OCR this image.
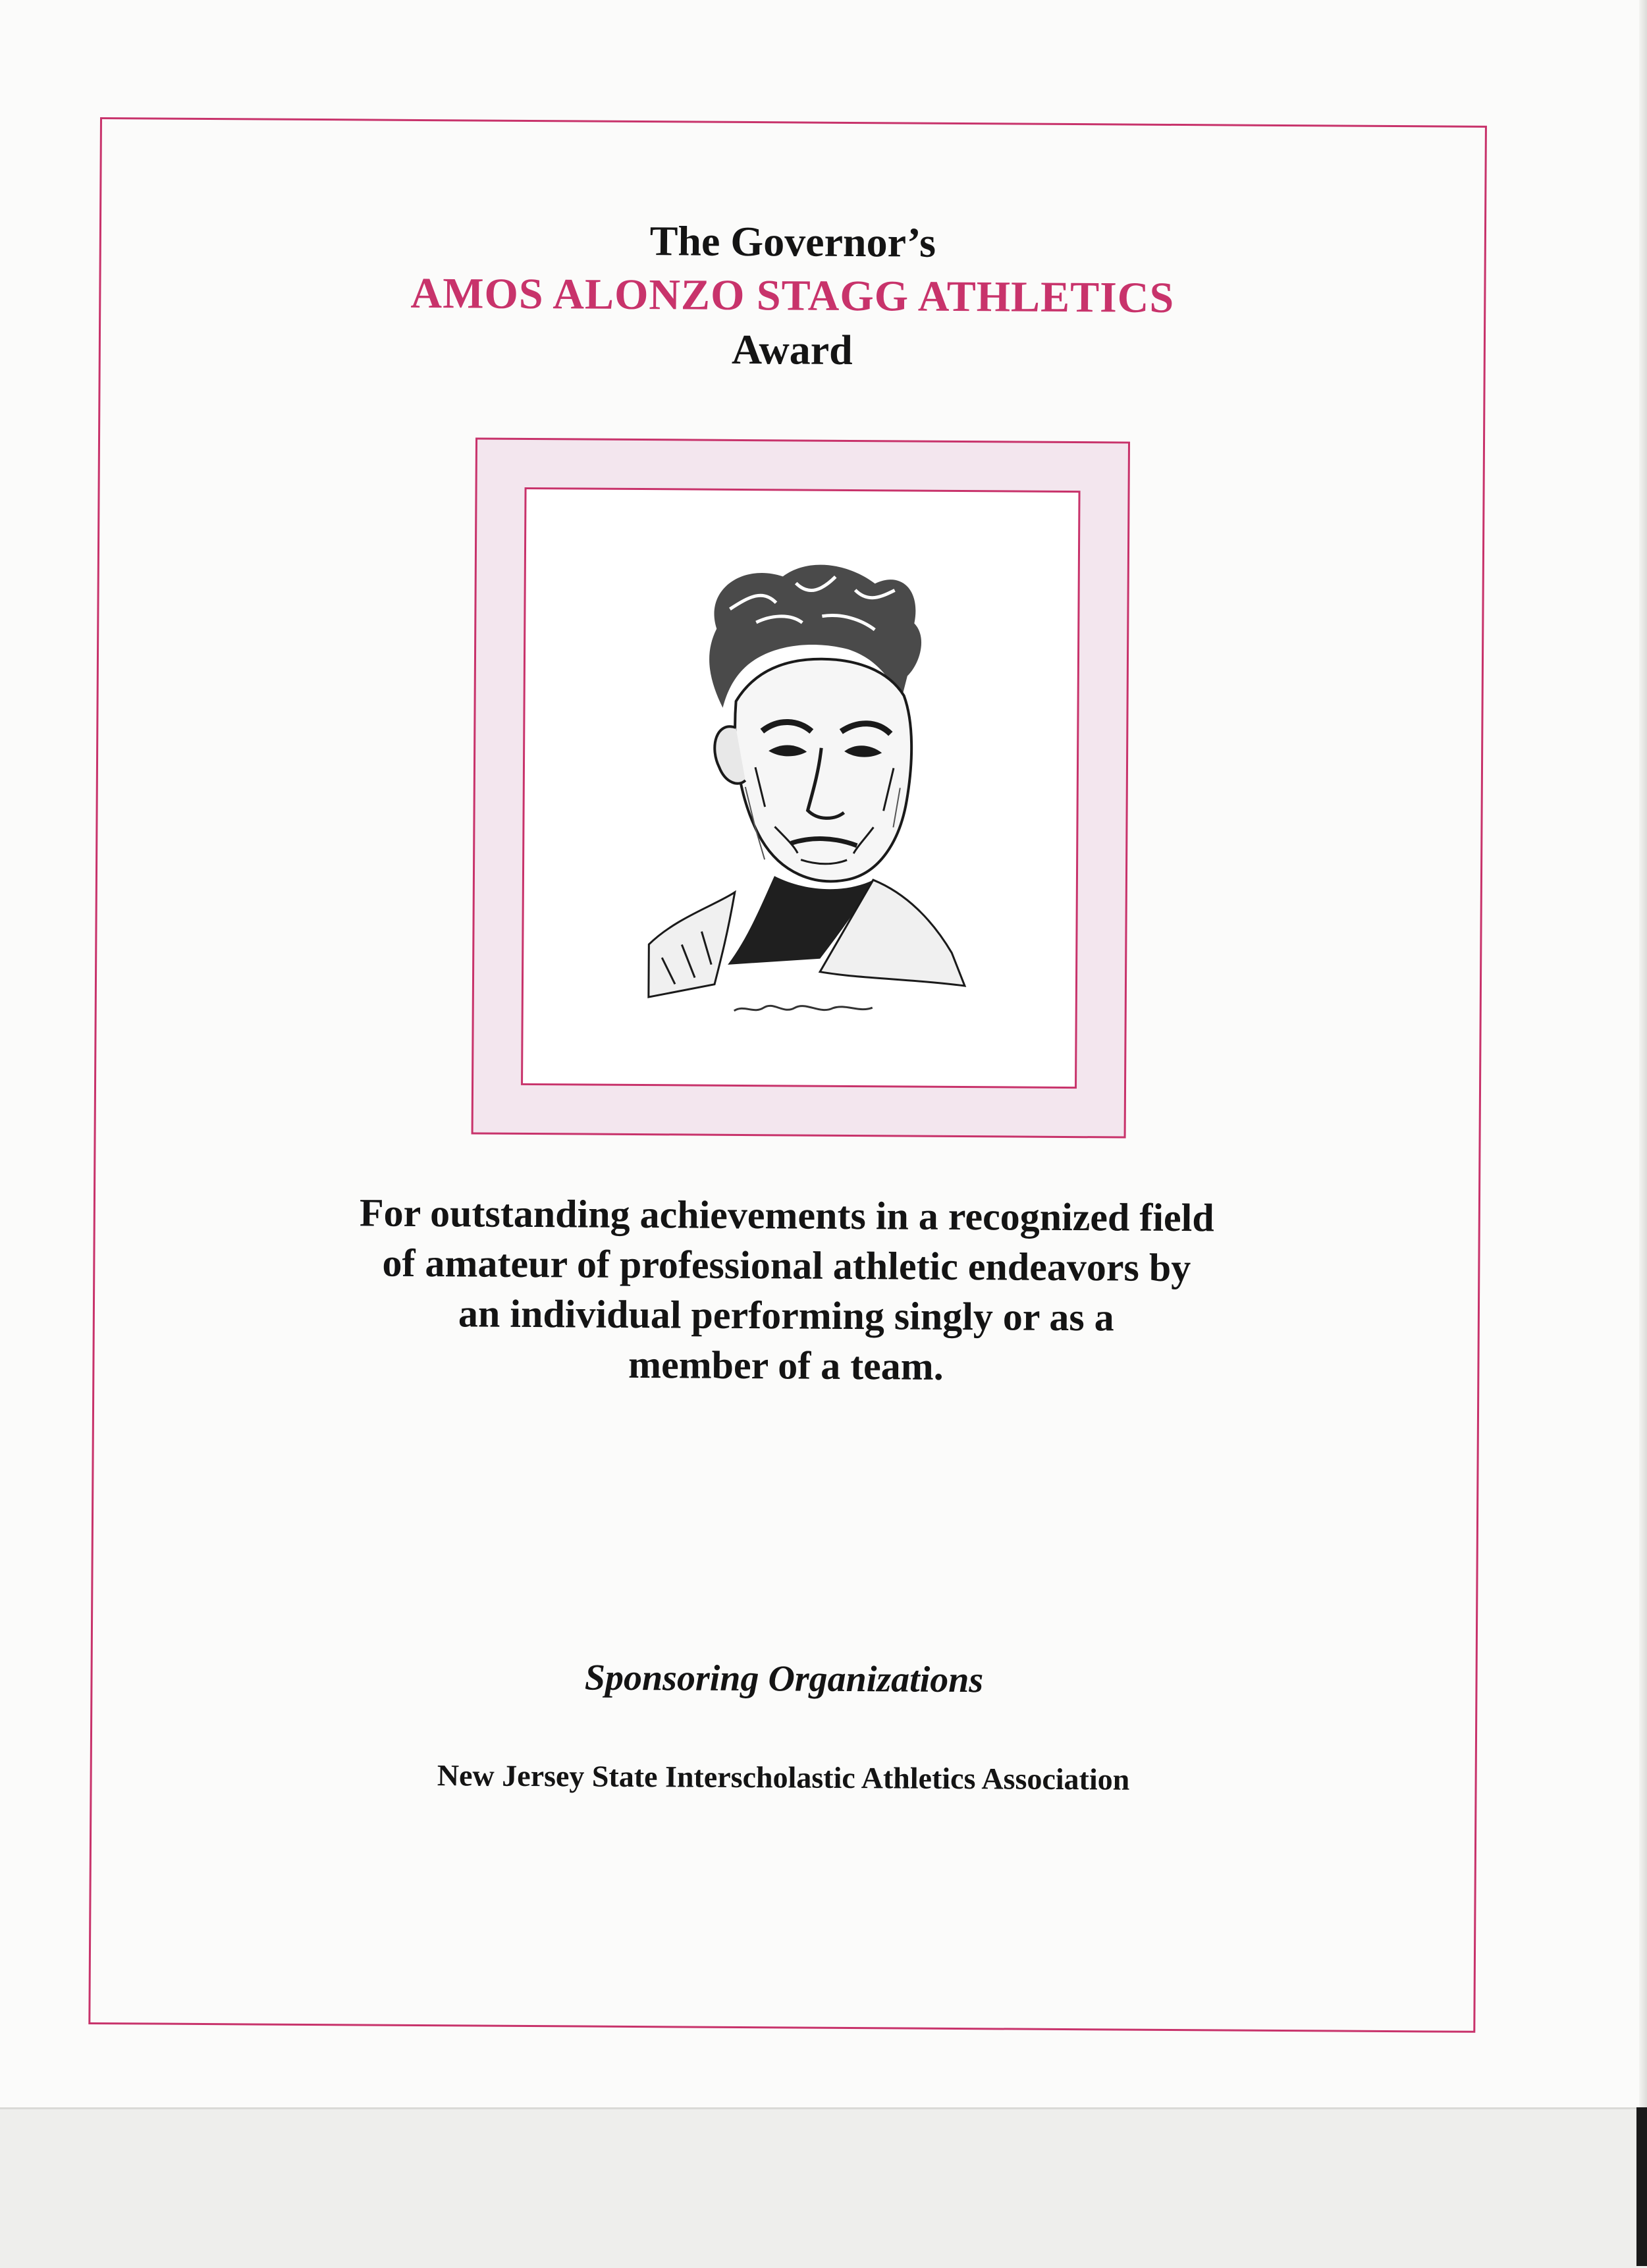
The Governor’s
AMOS ALONZO STAGG ATHLETICS
Award
For outstanding achievements in a recognized field
of amateur of professional athletic endeavors by
an individual performing singly or as a
member of a team.
Sponsoring Organizations
New Jersey State Interscholastic Athletics Association
